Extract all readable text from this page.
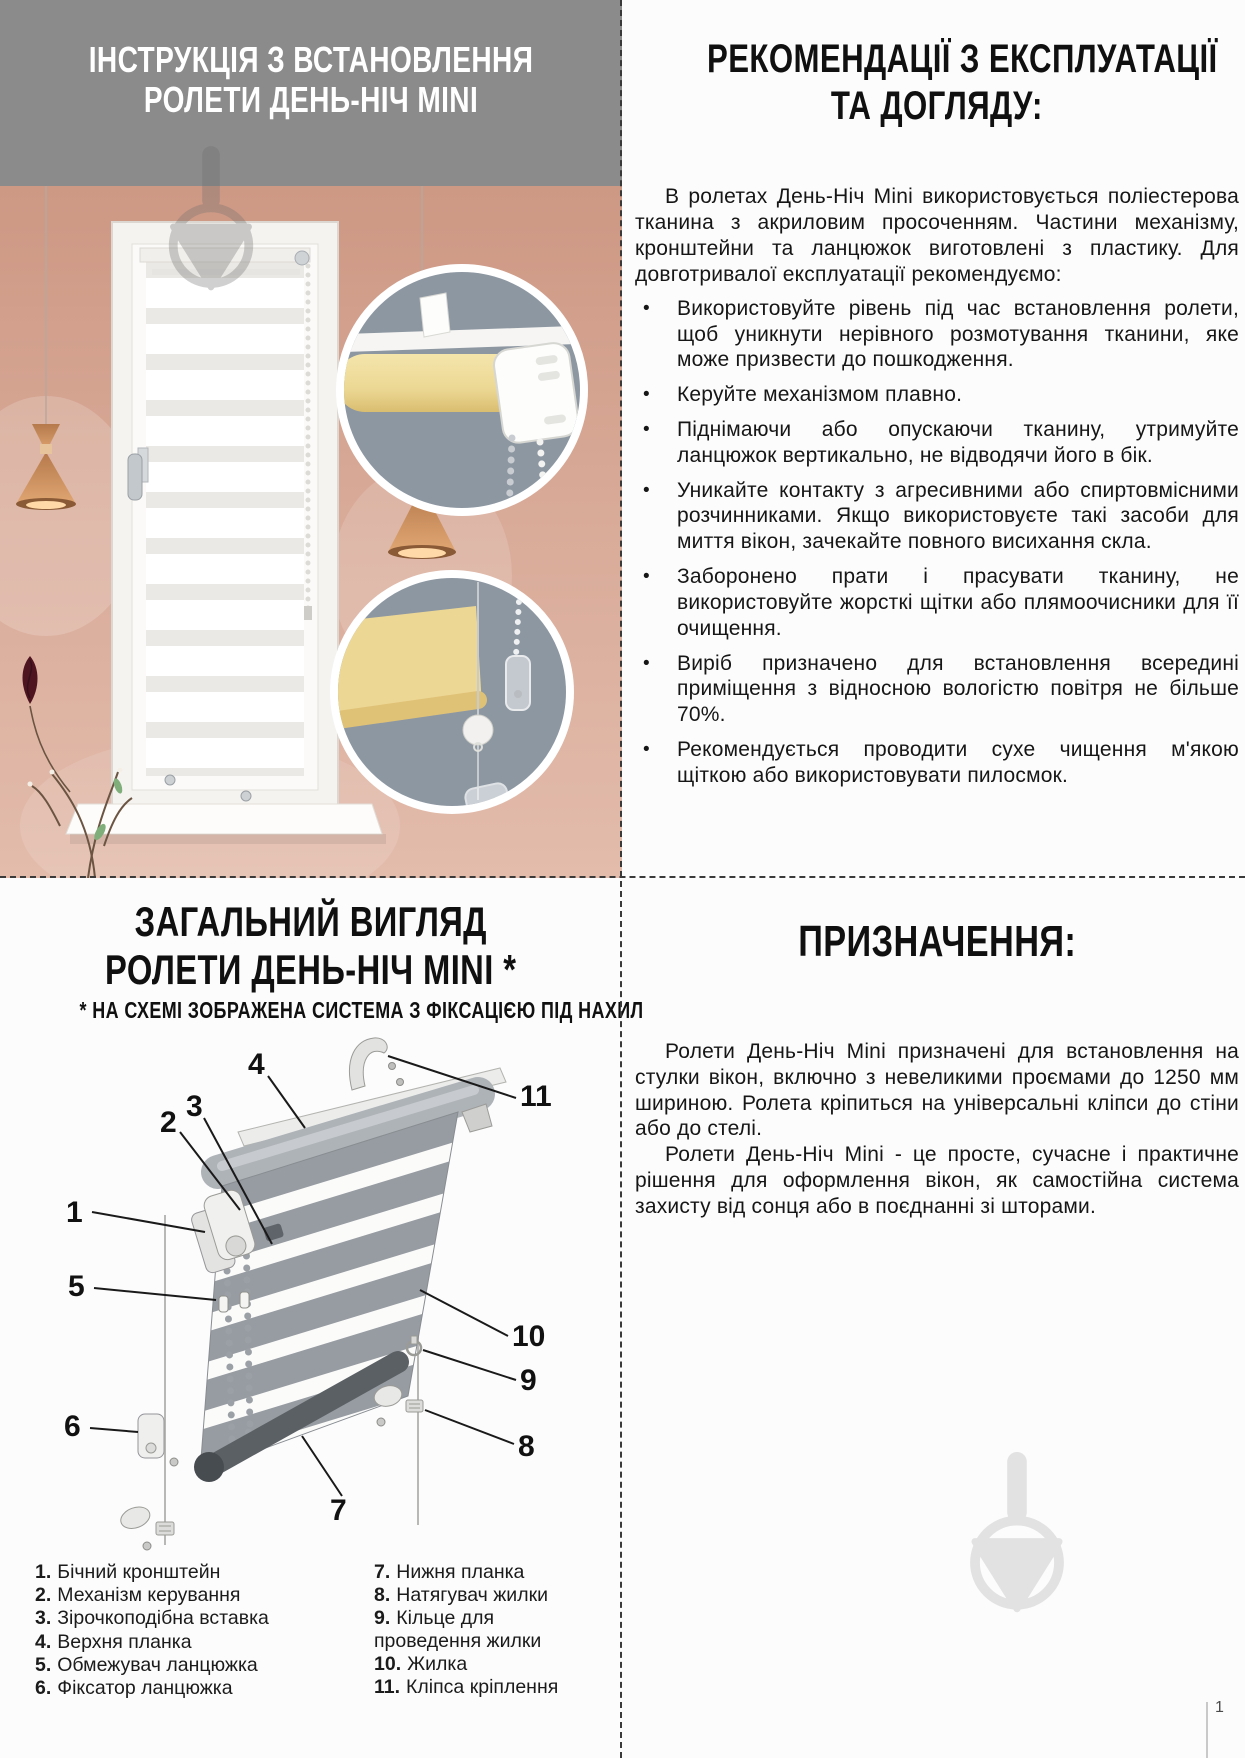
ІНСТРУКЦІЯ З ВСТАНОВЛЕННЯ
РОЛЕТИ ДЕНЬ-НІЧ MINI
РЕКОМЕНДАЦІЇ З ЕКСПЛУАТАЦІЇ
ТА ДОГЛЯДУ:

В ролетах День-Ніч Mini використовується поліестерова тканина з акриловим просоченням. Частини механізму, кронштейни та ланцюжок виготовлені з пластику. Для довготривалої експлуатації рекомендуємо:

•	Використовуйте рівень під час встановлення ролети, щоб уникнути нерівного розмотування тканини, яке може призвести до пошкодження.
•	Керуйте механізмом плавно.
•	Піднімаючи або опускаючи тканину, утримуйте ланцюжок вертикально, не відводячи його в бік.
•	Уникайте контакту з агресивними або спиртовмісними розчинниками. Якщо використовуєте такі засоби для миття вікон, зачекайте повного висихання скла.
•	Заборонено прати і прасувати тканину, не використовуйте жорсткі щітки або плямоочисники для її очищення.
•	Виріб призначено для встановлення всередині приміщення з відносною вологістю повітря не більше 70%.
•	Рекомендується проводити сухе чищення м'якою щіткою або використовувати пилосмок.
ЗАГАЛЬНИЙ ВИГЛЯД
РОЛЕТИ ДЕНЬ-НІЧ MINI *
* НА СХЕМІ ЗОБРАЖЕНА СИСТЕМА З ФІКСАЦІЄЮ ПІД НАХИЛ
1
2 3
4
5
6
7
8
9
10
11
1. Бічний кронштейн
2. Механізм керування
3. Зірочкоподібна вставка
4. Верхня планка
5. Обмежувач ланцюжка
6. Фіксатор ланцюжка
7. Нижня планка
8. Натягувач жилки
9. Кільце для проведення жилки
10. Жилка
11. Кліпса кріплення
ПРИЗНАЧЕННЯ:

Ролети День-Ніч Mini призначені для встановлення на стулки вікон, включно з невеликими проємами до 1250 мм шириною. Ролета кріпиться на універсальні кліпси до стіни або до стелі.

Ролети День-Ніч Mini - це просте, сучасне і практичне рішення для оформлення вікон, як самостійна система захисту від сонця або в поєднанні зі шторами.

1
